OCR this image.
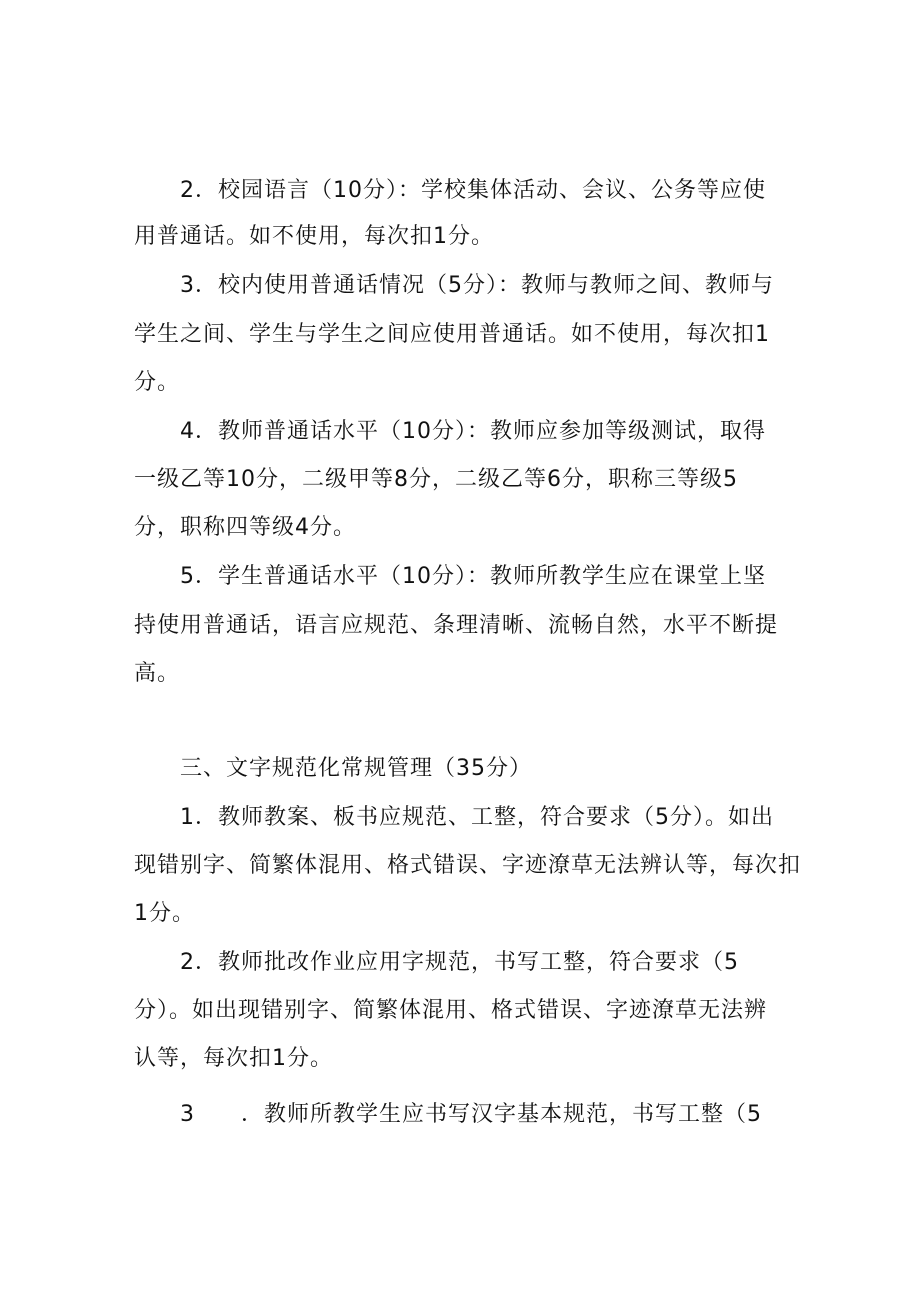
2．校园语言（10分）：学校集体活动、会议、公务等应使
用普通话。如不使用，每次扣1分。
3．校内使用普通话情况（5分）：教师与教师之间、教师与
学生之间、学生与学生之间应使用普通话。如不使用，每次扣1
分。
4．教师普通话水平（10分）：教师应参加等级测试，取得
一级乙等10分，二级甲等8分，二级乙等6分，职称三等级5
分，职称四等级4分。
5．学生普通话水平（10分）：教师所教学生应在课堂上坚
持使用普通话，语言应规范、条理清晰、流畅自然，水平不断提
高。
三、文字规范化常规管理（35分）
1．教师教案、板书应规范、工整，符合要求（5分）。如出
现错别字、简繁体混用、格式错误、字迹潦草无法辨认等，每次扣
1分。
2．教师批改作业应用字规范，书写工整，符合要求（5
分）。如出现错别字、简繁体混用、格式错误、字迹潦草无法辨
认等，每次扣1分。
3　　．教师所教学生应书写汉字基本规范，书写工整（5
